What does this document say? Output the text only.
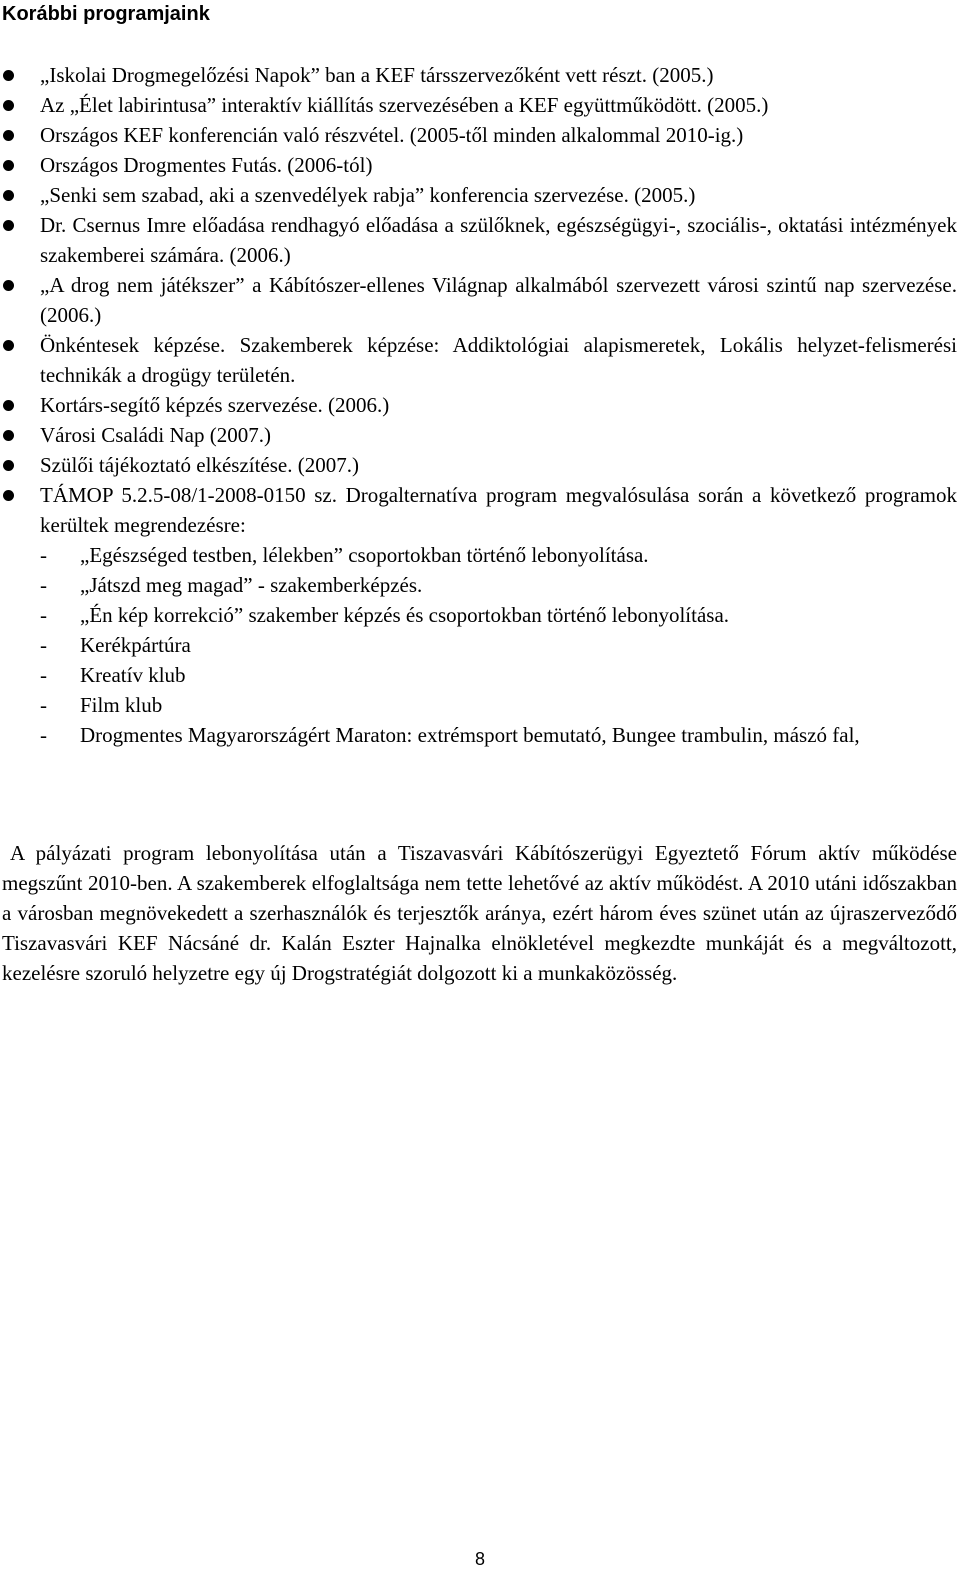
Korábbi programjaink
„Iskolai Drogmegelőzési Napok” ban a KEF társszervezőként vett részt. (2005.)
Az „Élet labirintusa” interaktív kiállítás szervezésében a KEF együttműködött. (2005.)
Országos KEF konferencián való részvétel. (2005-től minden alkalommal 2010-ig.)
Országos Drogmentes Futás. (2006-tól)
„Senki sem szabad, aki a szenvedélyek rabja” konferencia szervezése. (2005.)
Dr. Csernus Imre előadása rendhagyó előadása a szülőknek, egészségügyi-, szociális-, oktatási intézmények szakemberei számára. (2006.)
„A drog nem játékszer” a Kábítószer-ellenes Világnap alkalmából szervezett városi szintű nap szervezése. (2006.)
Önkéntesek képzése. Szakemberek képzése: Addiktológiai alapismeretek, Lokális helyzet-felismerési technikák a drogügy területén.
Kortárs-segítő képzés szervezése. (2006.)
Városi Családi Nap (2007.)
Szülői tájékoztató elkészítése. (2007.)
TÁMOP 5.2.5-08/1-2008-0150 sz. Drogalternatíva program megvalósulása során a következő programok kerültek megrendezésre:
- „Egészséged testben, lélekben” csoportokban történő lebonyolítása.
- „Játszd meg magad” - szakemberképzés.
- „Én kép korrekció” szakember képzés és csoportokban történő lebonyolítása.
- Kerékpártúra
- Kreatív klub
- Film klub
- Drogmentes Magyarországért Maraton: extrémsport bemutató, Bungee trambulin, mászó fal,

A pályázati program lebonyolítása után a Tiszavasvári Kábítószerügyi Egyeztető Fórum aktív működése megszűnt 2010-ben. A szakemberek elfoglaltsága nem tette lehetővé az aktív működést. A 2010 utáni időszakban a városban megnövekedett a szerhasználók és terjesztők aránya, ezért három éves szünet után az újraszerveződő Tiszavasvári KEF Nácsáné dr. Kalán Eszter Hajnalka elnökletével megkezdte munkáját és a megváltozott, kezelésre szoruló helyzetre egy új Drogstratégiát dolgozott ki a munkaközösség.

8
